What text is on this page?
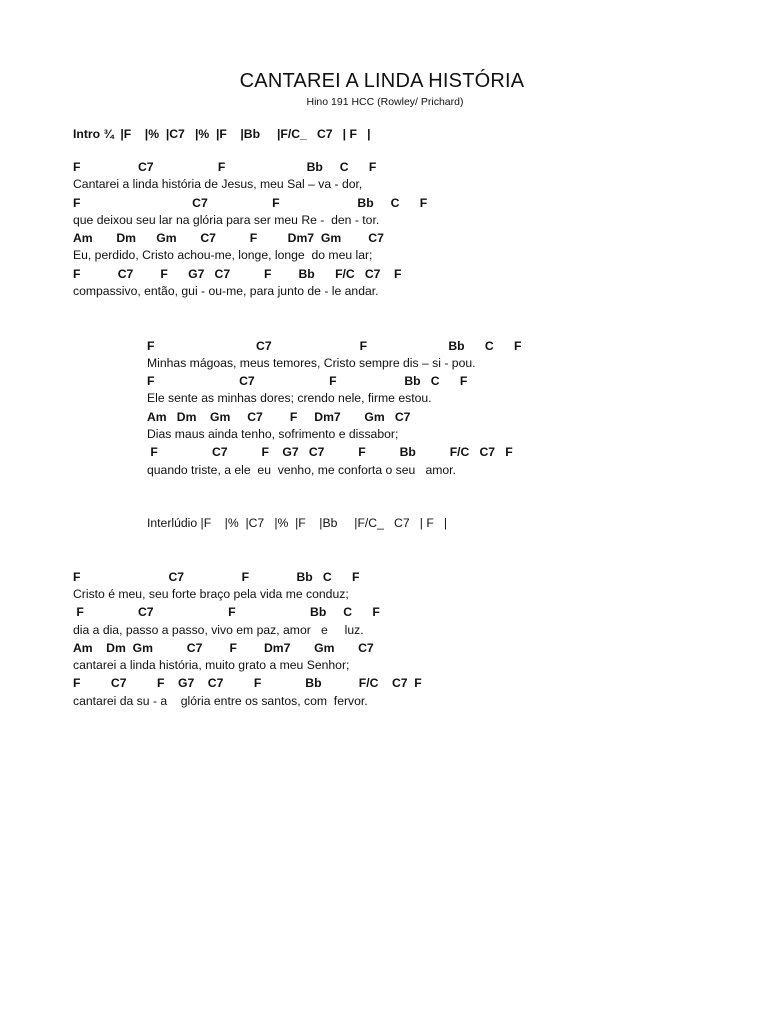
CANTAREI A LINDA HISTÓRIA
Hino 191 HCC (Rowley/ Prichard)
Intro ¾  |F    |%  |C7   |%  |F    |Bb     |F/C_   C7   | F   |
F                 C7                   F                        Bb     C      F
Cantarei a linda história de Jesus, meu Sal – va - dor,
F                                 C7                   F                       Bb     C      F
que deixou seu lar na glória para ser meu Re -  den - tor.
Am       Dm      Gm       C7          F         Dm7  Gm        C7
Eu, perdido, Cristo achou-me, longe, longe  do meu lar;
F           C7        F      G7   C7          F        Bb      F/C   C7    F
compassivo, então, gui - ou-me, para junto de - le andar.
F                              C7                          F                        Bb      C      F
Minhas mágoas, meus temores, Cristo sempre dis – si - pou.
F                         C7                      F                    Bb   C      F
Ele sente as minhas dores; crendo nele, firme estou.
Am   Dm    Gm     C7        F     Dm7       Gm   C7
Dias maus ainda tenho, sofrimento e dissabor;
F                C7          F    G7   C7          F          Bb          F/C   C7   F
quando triste, a ele  eu  venho, me conforta o seu   amor.
Interlúdio |F    |%  |C7   |%  |F    |Bb     |F/C_   C7   | F   |
F                          C7                 F              Bb   C      F
Cristo é meu, seu forte braço pela vida me conduz;
F                C7                      F                      Bb     C      F
dia a dia, passo a passo, vivo em paz, amor   e     luz.
Am    Dm  Gm          C7        F        Dm7       Gm       C7
cantarei a linda história, muito grato a meu Senhor;
F         C7         F    G7    C7         F             Bb           F/C    C7  F
cantarei da su - a    glória entre os santos, com  fervor.
